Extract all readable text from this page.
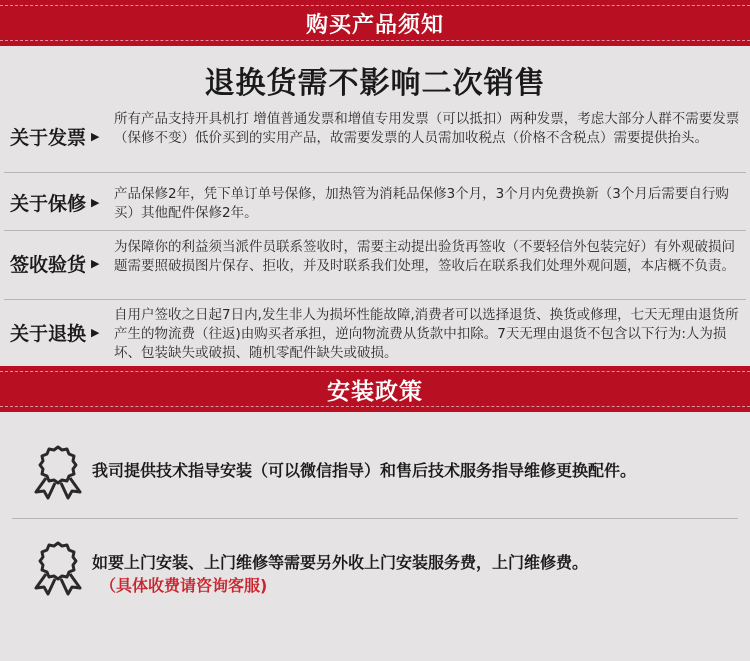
购买产品须知
退换货需不影响二次销售
关于发票 ▶
所有产品支持开具机打 增值普通发票和增值专用发票（可以抵扣）两种发票，考虑大部分人群不需要发票（保修不变）低价买到的实用产品，故需要发票的人员需加收税点（价格不含税点）需要提供抬头。
关于保修 ▶ 产品保修2年，凭下单订单号保修，加热管为消耗品保修3个月，3个月内免费换新（3个月后需要自行购买）其他配件保修2年。
签收验货 ▶
为保障你的利益须当派件员联系签收时，需要主动提出验货再签收（不要轻信外包装完好）有外观破损问题需要照破损图片保存、拒收，并及时联系我们处理，签收后在联系我们处理外观问题，本店概不负责。
关于退换 ▶
自用户签收之日起7日内,发生非人为损坏性能故障,消费者可以选择退货、换货或修理，七天无理由退货所产生的物流费（往返)由购买者承担，逆向物流费从货款中扣除。7天无理由退货不包含以下行为:人为损坏、包装缺失或破损、随机零配件缺失或破损。
安装政策
我司提供技术指导安装（可以微信指导）和售后技术服务指导维修更换配件。
如要上门安装、上门维修等需要另外收上门安装服务费，上门维修费。
（具体收费请咨询客服)
